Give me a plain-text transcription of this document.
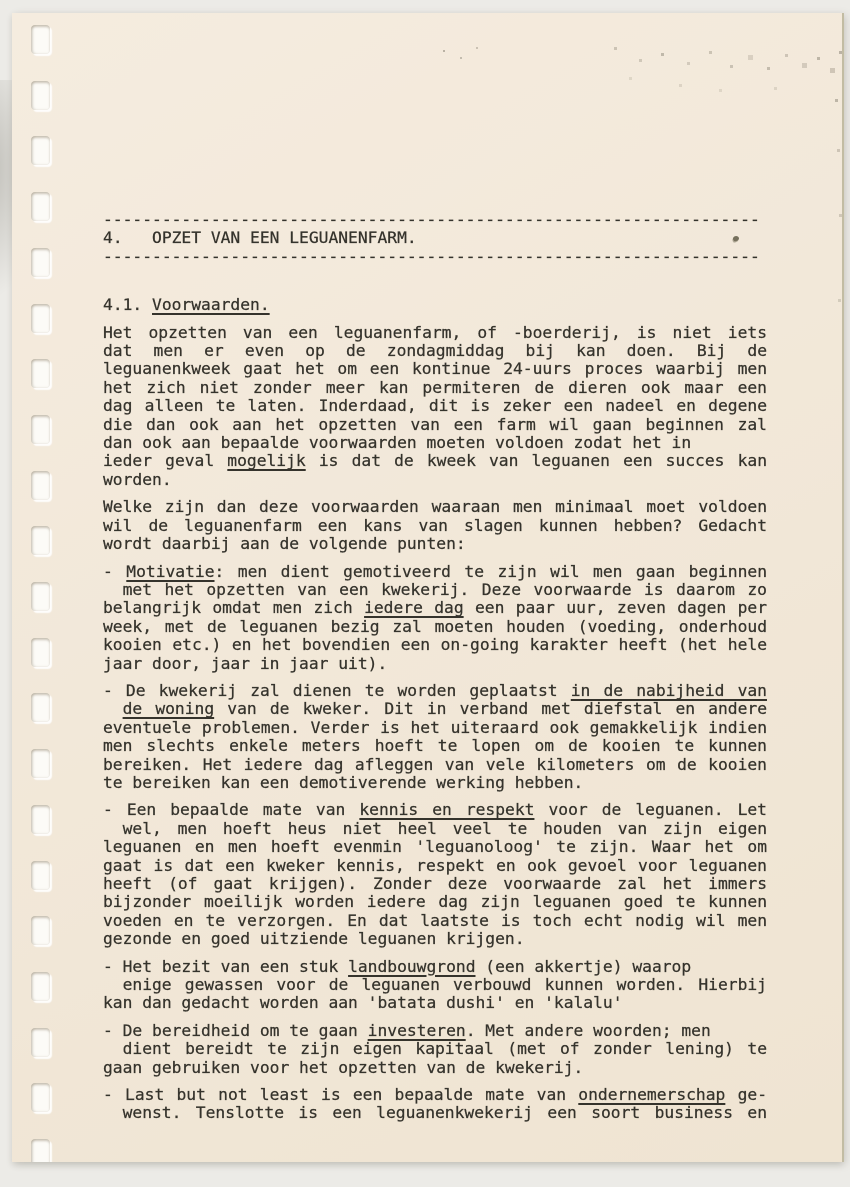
-------------------------------------------------------------------
4.   OPZET VAN EEN LEGUANENFARM.
-------------------------------------------------------------------
4.1. Voorwaarden.
Het opzetten van een leguanenfarm, of -boerderij, is niet iets
dat men er even op de zondagmiddag bij kan doen. Bij de
leguanenkweek gaat het om een kontinue 24-uurs proces waarbij men
het zich niet zonder meer kan permiteren de dieren ook maar een
dag alleen te laten. Inderdaad, dit is zeker een nadeel en degene
die dan ook aan het opzetten van een farm wil gaan beginnen zal
dan ook aan bepaalde voorwaarden moeten voldoen zodat het in
ieder geval mogelijk is dat de kweek van leguanen een succes kan
worden.
Welke zijn dan deze voorwaarden waaraan men minimaal moet voldoen
wil de leguanenfarm een kans van slagen kunnen hebben? Gedacht
wordt daarbij aan de volgende punten:
- Motivatie: men dient gemotiveerd te zijn wil men gaan beginnen
met het opzetten van een kwekerij. Deze voorwaarde is daarom zo
belangrijk omdat men zich iedere dag een paar uur, zeven dagen per
week, met de leguanen bezig zal moeten houden (voeding, onderhoud
kooien etc.) en het bovendien een on-going karakter heeft (het hele
jaar door, jaar in jaar uit).
- De kwekerij zal dienen te worden geplaatst in de nabijheid van
de woning van de kweker. Dit in verband met diefstal en andere
eventuele problemen. Verder is het uiteraard ook gemakkelijk indien
men slechts enkele meters hoeft te lopen om de kooien te kunnen
bereiken. Het iedere dag afleggen van vele kilometers om de kooien
te bereiken kan een demotiverende werking hebben.
- Een bepaalde mate van kennis en respekt voor de leguanen. Let
wel, men hoeft heus niet heel veel te houden van zijn eigen
leguanen en men hoeft evenmin 'leguanoloog' te zijn. Waar het om
gaat is dat een kweker kennis, respekt en ook gevoel voor leguanen
heeft (of gaat krijgen). Zonder deze voorwaarde zal het immers
bijzonder moeilijk worden iedere dag zijn leguanen goed te kunnen
voeden en te verzorgen. En dat laatste is toch echt nodig wil men
gezonde en goed uitziende leguanen krijgen.
- Het bezit van een stuk landbouwgrond (een akkertje) waarop
enige gewassen voor de leguanen verbouwd kunnen worden. Hierbij
kan dan gedacht worden aan 'batata dushi' en 'kalalu'
- De bereidheid om te gaan investeren. Met andere woorden; men
dient bereidt te zijn eigen kapitaal (met of zonder lening) te
gaan gebruiken voor het opzetten van de kwekerij.
- Last but not least is een bepaalde mate van ondernemerschap ge-
wenst. Tenslotte is een leguanenkwekerij een soort business en
